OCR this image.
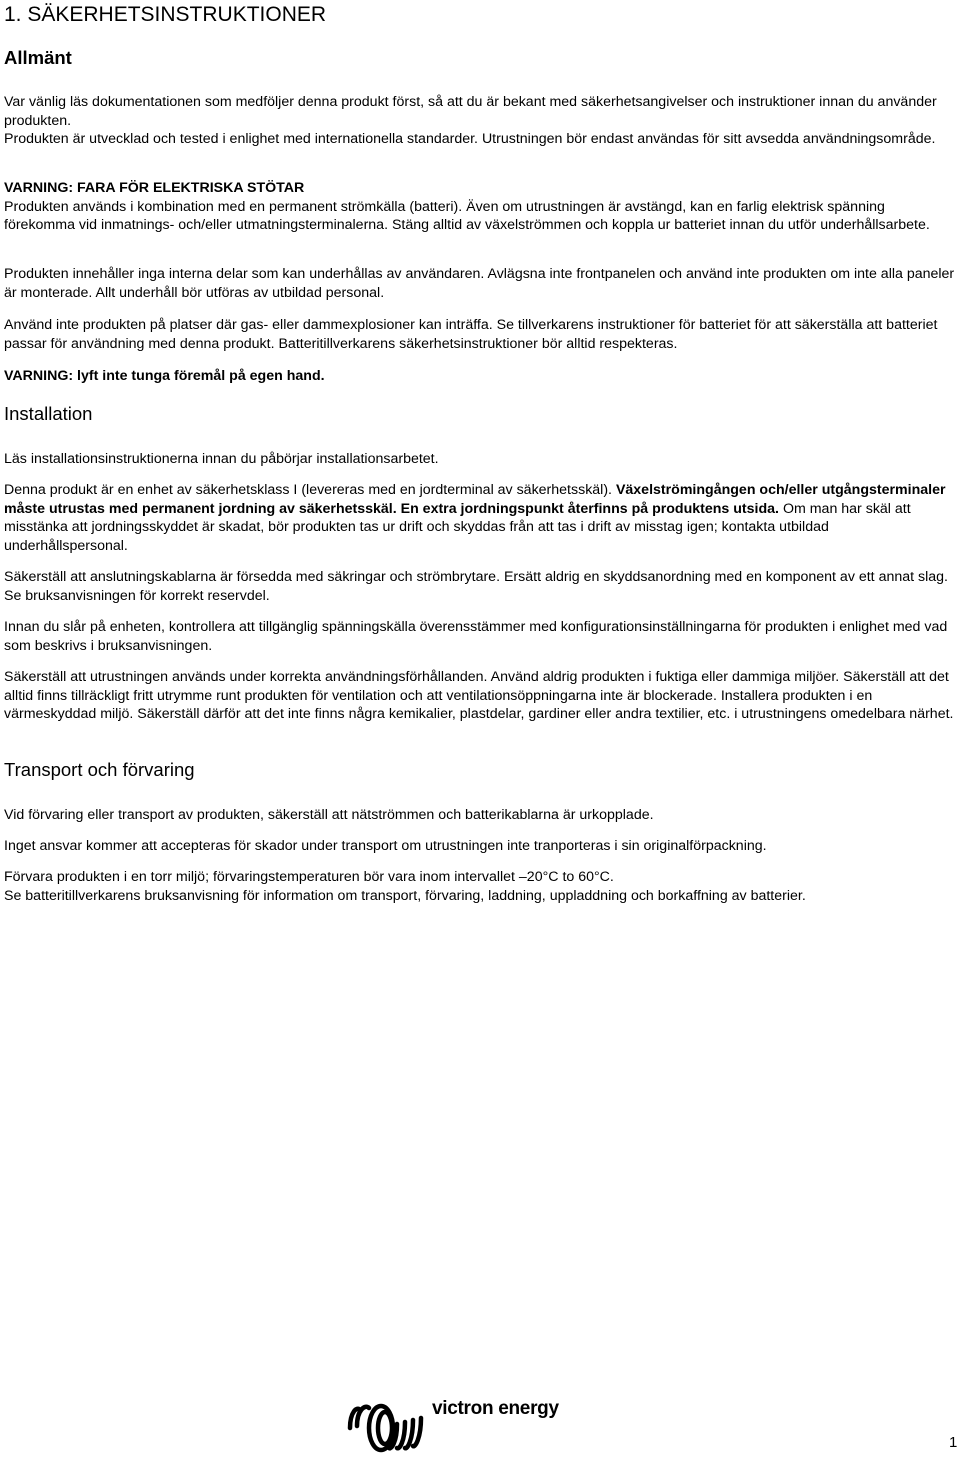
1. SÄKERHETSINSTRUKTIONER
Allmänt
Var vänlig läs dokumentationen som medföljer denna produkt först, så att du är bekant med säkerhetsangivelser och instruktioner innan du använder produkten.
Produkten är utvecklad och tested i enlighet med internationella standarder. Utrustningen bör endast användas för sitt avsedda användningsområde.
VARNING: FARA FÖR ELEKTRISKA STÖTAR
Produkten används i kombination med en permanent strömkälla (batteri). Även om utrustningen är avstängd, kan en farlig elektrisk spänning förekomma vid inmatnings- och/eller utmatningsterminalerna. Stäng alltid av växelströmmen och koppla ur batteriet innan du utför underhållsarbete.
Produkten innehåller inga interna delar som kan underhållas av användaren. Avlägsna inte frontpanelen och använd inte produkten om inte alla paneler är monterade. Allt underhåll bör utföras av utbildad personal.
Använd inte produkten på platser där gas- eller dammexplosioner kan inträffa. Se tillverkarens instruktioner för batteriet för att säkerställa att batteriet passar för användning med denna produkt. Batteritillverkarens säkerhetsinstruktioner bör alltid respekteras.
VARNING: lyft inte tunga föremål på egen hand.
Installation
Läs installationsinstruktionerna innan du påbörjar installationsarbetet.
Denna produkt är en enhet av säkerhetsklass I (levereras med en jordterminal av säkerhetsskäl). Växelströmingången och/eller utgångsterminaler måste utrustas med permanent jordning av säkerhetsskäl. En extra jordningspunkt återfinns på produktens utsida. Om man har skäl att misstänka att jordningsskyddet är skadat, bör produkten tas ur drift och skyddas från att tas i drift av misstag igen; kontakta utbildad underhållspersonal.
Säkerställ att anslutningskablarna är försedda med säkringar och strömbrytare. Ersätt aldrig en skyddsanordning med en komponent av ett annat slag. Se bruksanvisningen för korrekt reservdel.
Innan du slår på enheten, kontrollera att tillgänglig spänningskälla överensstämmer med konfigurationsinställningarna för produkten i enlighet med vad som beskrivs i bruksanvisningen.
Säkerställ att utrustningen används under korrekta användningsförhållanden. Använd aldrig produkten i fuktiga eller dammiga miljöer. Säkerställ att det alltid finns tillräckligt fritt utrymme runt produkten för ventilation och att ventilationsöppningarna inte är blockerade. Installera produkten i en värmeskyddad miljö. Säkerställ därför att det inte finns några kemikalier, plastdelar, gardiner eller andra textilier, etc. i utrustningens omedelbara närhet.
Transport och förvaring
Vid förvaring eller transport av produkten, säkerställ att nätströmmen och batterikablarna är urkopplade.
Inget ansvar kommer att accepteras för skador under transport om utrustningen inte tranporteras i sin originalförpackning.
Förvara produkten i en torr miljö; förvaringstemperaturen bör vara inom intervallet –20°C to 60°C.
Se batteritillverkarens bruksanvisning för information om transport, förvaring, laddning, uppladdning och borkaffning av batterier.
victron energy
1
